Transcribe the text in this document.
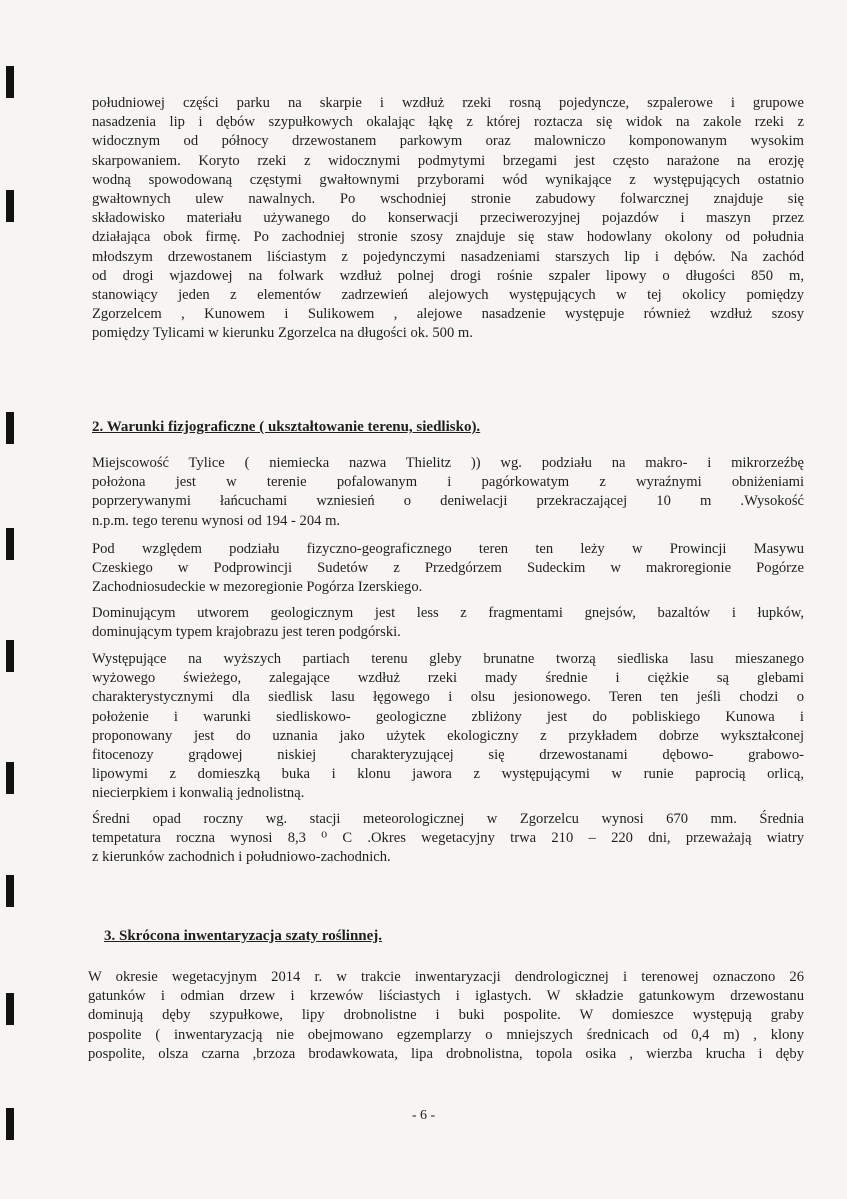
południowej części parku na skarpie i wzdłuż rzeki rosną pojedyncze, szpalerowe i grupowe
nasadzenia lip i dębów szypułkowych okalając łąkę z której roztacza się widok na zakole rzeki z
widocznym od północy drzewostanem parkowym oraz malowniczo komponowanym wysokim
skarpowaniem. Koryto rzeki z widocznymi podmytymi brzegami jest często narażone na erozję
wodną spowodowaną częstymi gwałtownymi przyborami wód wynikające z występujących ostatnio
gwałtownych ulew nawalnych. Po wschodniej stronie zabudowy folwarcznej znajduje się
składowisko materiału używanego do konserwacji przeciwerozyjnej pojazdów i maszyn przez
działająca obok firmę. Po zachodniej stronie szosy znajduje się staw hodowlany okolony od południa
młodszym drzewostanem liściastym z pojedynczymi nasadzeniami starszych lip i dębów. Na zachód
od drogi wjazdowej na folwark wzdłuż polnej drogi rośnie szpaler lipowy o długości 850 m,
stanowiący jeden z elementów zadrzewień alejowych występujących w tej okolicy pomiędzy
Zgorzelcem , Kunowem i Sulikowem , alejowe nasadzenie występuje również wzdłuż szosy
pomiędzy Tylicami w kierunku Zgorzelca na długości ok. 500 m.

2. Warunki fizjograficzne ( ukształtowanie terenu, siedlisko).

Miejscowość Tylice ( niemiecka nazwa Thielitz )) wg. podziału na makro- i mikrorzeźbę
położona jest w terenie pofalowanym i pagórkowatym z wyraźnymi obniżeniami
poprzerywanymi łańcuchami wzniesień o deniwelacji przekraczającej 10 m .Wysokość
n.p.m. tego terenu wynosi od 194 - 204 m.

Pod względem podziału fizyczno-geograficznego teren ten leży w Prowincji Masywu
Czeskiego w Podprowincji Sudetów z Przedgórzem Sudeckim w makroregionie Pogórze
Zachodniosudeckie w mezoregionie Pogórza Izerskiego.

Dominującym utworem geologicznym jest less z fragmentami gnejsów, bazaltów i łupków,
dominującym typem krajobrazu jest teren podgórski.

Występujące na wyższych partiach terenu gleby brunatne tworzą siedliska lasu mieszanego
wyżowego świeżego, zalegające wzdłuż rzeki mady średnie i ciężkie są glebami
charakterystycznymi dla siedlisk lasu łęgowego i olsu jesionowego. Teren ten jeśli chodzi o
położenie i warunki siedliskowo- geologiczne zbliżony jest do pobliskiego Kunowa i
proponowany jest do uznania jako użytek ekologiczny z przykładem dobrze wykształconej
fitocenozy grądowej niskiej charakteryzującej się drzewostanami dębowo- grabowo-
lipowymi z domieszką buka i klonu jawora z występującymi w runie paprocią orlicą,
niecierpkiem i konwalią jednolistną.

Średni opad roczny wg. stacji meteorologicznej w Zgorzelcu wynosi 670 mm. Średnia
tempetatura roczna wynosi 8,3 ⁰ C .Okres wegetacyjny trwa 210 – 220 dni, przeważają wiatry
z kierunków zachodnich i południowo-zachodnich.

3. Skrócona inwentaryzacja szaty roślinnej.

W okresie wegetacyjnym 2014 r. w trakcie inwentaryzacji dendrologicznej i terenowej oznaczono 26
gatunków i odmian drzew i krzewów liściastych i iglastych. W składzie gatunkowym drzewostanu
dominują dęby szypułkowe, lipy drobnolistne i buki pospolite. W domieszce występują graby
pospolite ( inwentaryzacją nie obejmowano egzemplarzy o mniejszych średnicach od 0,4 m) , klony
pospolite, olsza czarna ,brzoza brodawkowata, lipa drobnolistna, topola osika , wierzba krucha i dęby

- 6 -
